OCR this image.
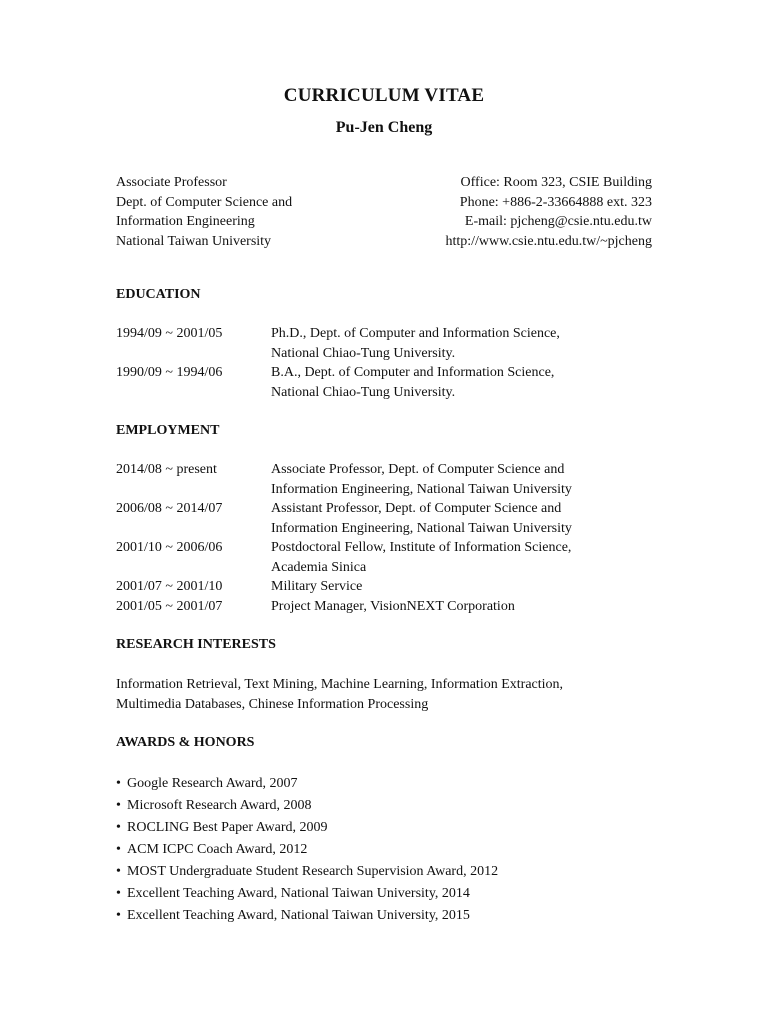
CURRICULUM VITAE
Pu-Jen Cheng
Associate Professor	Office: Room 323, CSIE Building
Dept. of Computer Science and	Phone: +886-2-33664888 ext. 323
Information Engineering	E-mail: pjcheng@csie.ntu.edu.tw
National Taiwan University	http://www.csie.ntu.edu.tw/~pjcheng
EDUCATION
1994/09 ~ 2001/05	Ph.D., Dept. of Computer and Information Science,
National Chiao-Tung University.
1990/09 ~ 1994/06	B.A., Dept. of Computer and Information Science,
National Chiao-Tung University.
EMPLOYMENT
2014/08 ~ present	Associate Professor, Dept. of Computer Science and
Information Engineering, National Taiwan University
2006/08 ~ 2014/07	Assistant Professor, Dept. of Computer Science and
Information Engineering, National Taiwan University
2001/10 ~ 2006/06	Postdoctoral Fellow, Institute of Information Science,
Academia Sinica
2001/07 ~ 2001/10	Military Service
2001/05 ~ 2001/07	Project Manager, VisionNEXT Corporation
RESEARCH INTERESTS
Information Retrieval, Text Mining, Machine Learning, Information Extraction,
Multimedia Databases, Chinese Information Processing
AWARDS & HONORS
• Google Research Award, 2007
• Microsoft Research Award, 2008
• ROCLING Best Paper Award, 2009
• ACM ICPC Coach Award, 2012
• MOST Undergraduate Student Research Supervision Award, 2012
• Excellent Teaching Award, National Taiwan University, 2014
• Excellent Teaching Award, National Taiwan University, 2015
